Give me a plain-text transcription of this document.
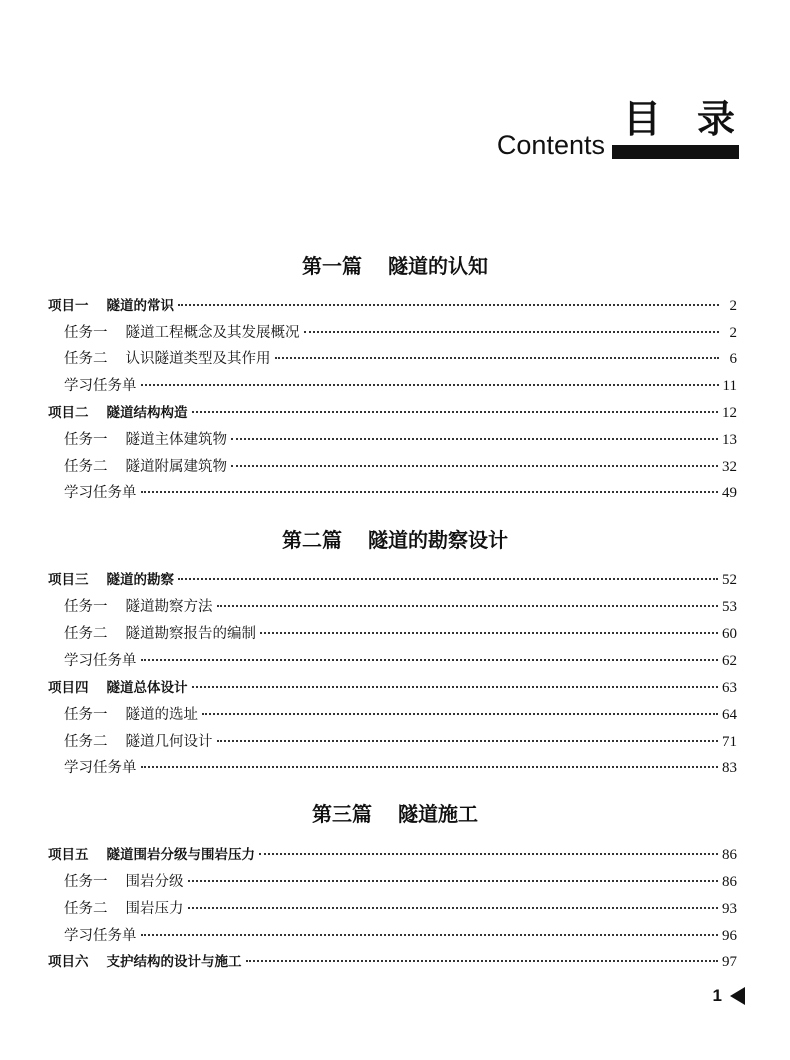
目 录
Contents
第一篇 隧道的认知
项目一 隧道的常识	2
任务一 隧道工程概念及其发展概况	2
任务二 认识隧道类型及其作用	6
学习任务单	11
项目二 隧道结构构造	12
任务一 隧道主体建筑物	13
任务二 隧道附属建筑物	32
学习任务单	49
第二篇 隧道的勘察设计
项目三 隧道的勘察	52
任务一 隧道勘察方法	53
任务二 隧道勘察报告的编制	60
学习任务单	62
项目四 隧道总体设计	63
任务一 隧道的选址	64
任务二 隧道几何设计	71
学习任务单	83
第三篇 隧道施工
项目五 隧道围岩分级与围岩压力	86
任务一 围岩分级	86
任务二 围岩压力	93
学习任务单	96
项目六 支护结构的设计与施工	97
1
